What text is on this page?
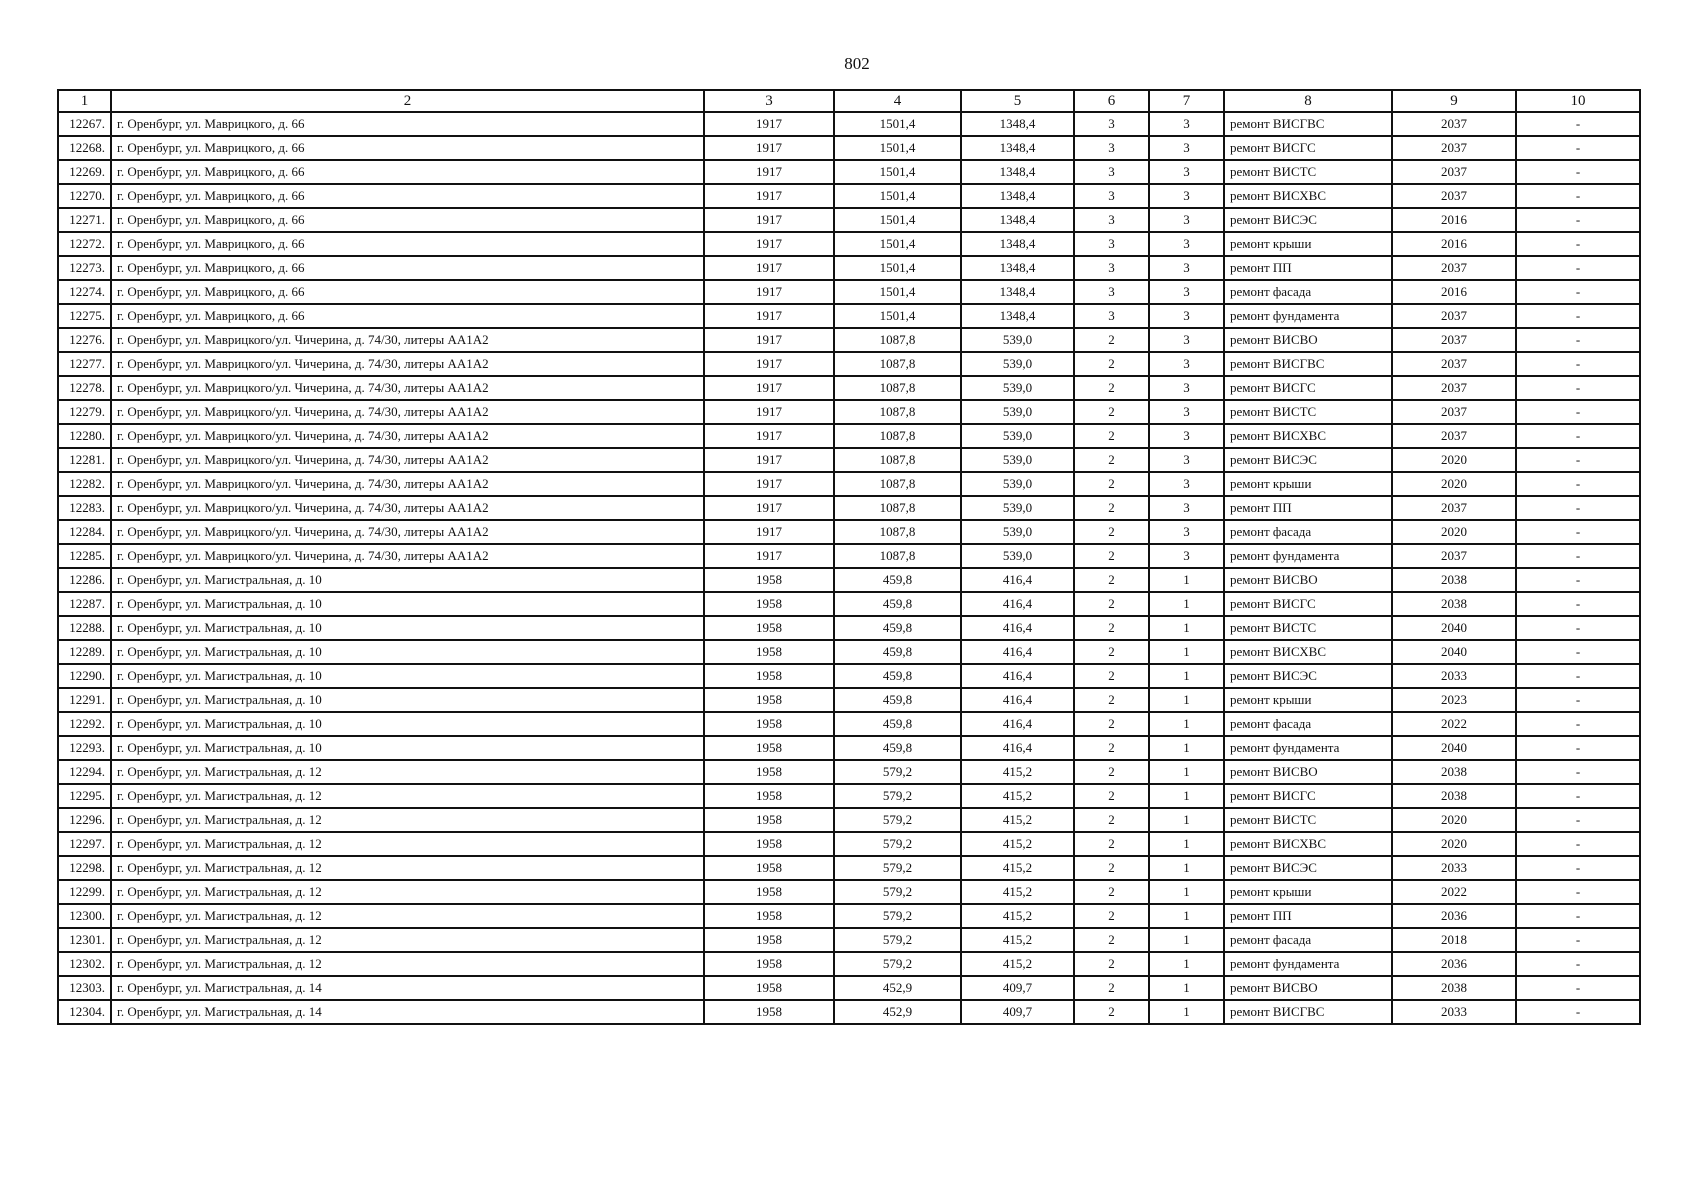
802
1	2	3	4	5	6	7	8	9	10
12267.	г. Оренбург, ул. Маврицкого, д. 66	1917	1501,4	1348,4	3	3	ремонт ВИСГВС	2037	-
12268.	г. Оренбург, ул. Маврицкого, д. 66	1917	1501,4	1348,4	3	3	ремонт ВИСГС	2037	-
12269.	г. Оренбург, ул. Маврицкого, д. 66	1917	1501,4	1348,4	3	3	ремонт ВИСТС	2037	-
12270.	г. Оренбург, ул. Маврицкого, д. 66	1917	1501,4	1348,4	3	3	ремонт ВИСХВС	2037	-
12271.	г. Оренбург, ул. Маврицкого, д. 66	1917	1501,4	1348,4	3	3	ремонт ВИСЭС	2016	-
12272.	г. Оренбург, ул. Маврицкого, д. 66	1917	1501,4	1348,4	3	3	ремонт крыши	2016	-
12273.	г. Оренбург, ул. Маврицкого, д. 66	1917	1501,4	1348,4	3	3	ремонт ПП	2037	-
12274.	г. Оренбург, ул. Маврицкого, д. 66	1917	1501,4	1348,4	3	3	ремонт фасада	2016	-
12275.	г. Оренбург, ул. Маврицкого, д. 66	1917	1501,4	1348,4	3	3	ремонт фундамента	2037	-
12276.	г. Оренбург, ул. Маврицкого/ул. Чичерина, д. 74/30, литеры АА1А2	1917	1087,8	539,0	2	3	ремонт ВИСВО	2037	-
12277.	г. Оренбург, ул. Маврицкого/ул. Чичерина, д. 74/30, литеры АА1А2	1917	1087,8	539,0	2	3	ремонт ВИСГВС	2037	-
12278.	г. Оренбург, ул. Маврицкого/ул. Чичерина, д. 74/30, литеры АА1А2	1917	1087,8	539,0	2	3	ремонт ВИСГС	2037	-
12279.	г. Оренбург, ул. Маврицкого/ул. Чичерина, д. 74/30, литеры АА1А2	1917	1087,8	539,0	2	3	ремонт ВИСТС	2037	-
12280.	г. Оренбург, ул. Маврицкого/ул. Чичерина, д. 74/30, литеры АА1А2	1917	1087,8	539,0	2	3	ремонт ВИСХВС	2037	-
12281.	г. Оренбург, ул. Маврицкого/ул. Чичерина, д. 74/30, литеры АА1А2	1917	1087,8	539,0	2	3	ремонт ВИСЭС	2020	-
12282.	г. Оренбург, ул. Маврицкого/ул. Чичерина, д. 74/30, литеры АА1А2	1917	1087,8	539,0	2	3	ремонт крыши	2020	-
12283.	г. Оренбург, ул. Маврицкого/ул. Чичерина, д. 74/30, литеры АА1А2	1917	1087,8	539,0	2	3	ремонт ПП	2037	-
12284.	г. Оренбург, ул. Маврицкого/ул. Чичерина, д. 74/30, литеры АА1А2	1917	1087,8	539,0	2	3	ремонт фасада	2020	-
12285.	г. Оренбург, ул. Маврицкого/ул. Чичерина, д. 74/30, литеры АА1А2	1917	1087,8	539,0	2	3	ремонт фундамента	2037	-
12286.	г. Оренбург, ул. Магистральная, д. 10	1958	459,8	416,4	2	1	ремонт ВИСВО	2038	-
12287.	г. Оренбург, ул. Магистральная, д. 10	1958	459,8	416,4	2	1	ремонт ВИСГС	2038	-
12288.	г. Оренбург, ул. Магистральная, д. 10	1958	459,8	416,4	2	1	ремонт ВИСТС	2040	-
12289.	г. Оренбург, ул. Магистральная, д. 10	1958	459,8	416,4	2	1	ремонт ВИСХВС	2040	-
12290.	г. Оренбург, ул. Магистральная, д. 10	1958	459,8	416,4	2	1	ремонт ВИСЭС	2033	-
12291.	г. Оренбург, ул. Магистральная, д. 10	1958	459,8	416,4	2	1	ремонт крыши	2023	-
12292.	г. Оренбург, ул. Магистральная, д. 10	1958	459,8	416,4	2	1	ремонт фасада	2022	-
12293.	г. Оренбург, ул. Магистральная, д. 10	1958	459,8	416,4	2	1	ремонт фундамента	2040	-
12294.	г. Оренбург, ул. Магистральная, д. 12	1958	579,2	415,2	2	1	ремонт ВИСВО	2038	-
12295.	г. Оренбург, ул. Магистральная, д. 12	1958	579,2	415,2	2	1	ремонт ВИСГС	2038	-
12296.	г. Оренбург, ул. Магистральная, д. 12	1958	579,2	415,2	2	1	ремонт ВИСТС	2020	-
12297.	г. Оренбург, ул. Магистральная, д. 12	1958	579,2	415,2	2	1	ремонт ВИСХВС	2020	-
12298.	г. Оренбург, ул. Магистральная, д. 12	1958	579,2	415,2	2	1	ремонт ВИСЭС	2033	-
12299.	г. Оренбург, ул. Магистральная, д. 12	1958	579,2	415,2	2	1	ремонт крыши	2022	-
12300.	г. Оренбург, ул. Магистральная, д. 12	1958	579,2	415,2	2	1	ремонт ПП	2036	-
12301.	г. Оренбург, ул. Магистральная, д. 12	1958	579,2	415,2	2	1	ремонт фасада	2018	-
12302.	г. Оренбург, ул. Магистральная, д. 12	1958	579,2	415,2	2	1	ремонт фундамента	2036	-
12303.	г. Оренбург, ул. Магистральная, д. 14	1958	452,9	409,7	2	1	ремонт ВИСВО	2038	-
12304.	г. Оренбург, ул. Магистральная, д. 14	1958	452,9	409,7	2	1	ремонт ВИСГВС	2033	-
